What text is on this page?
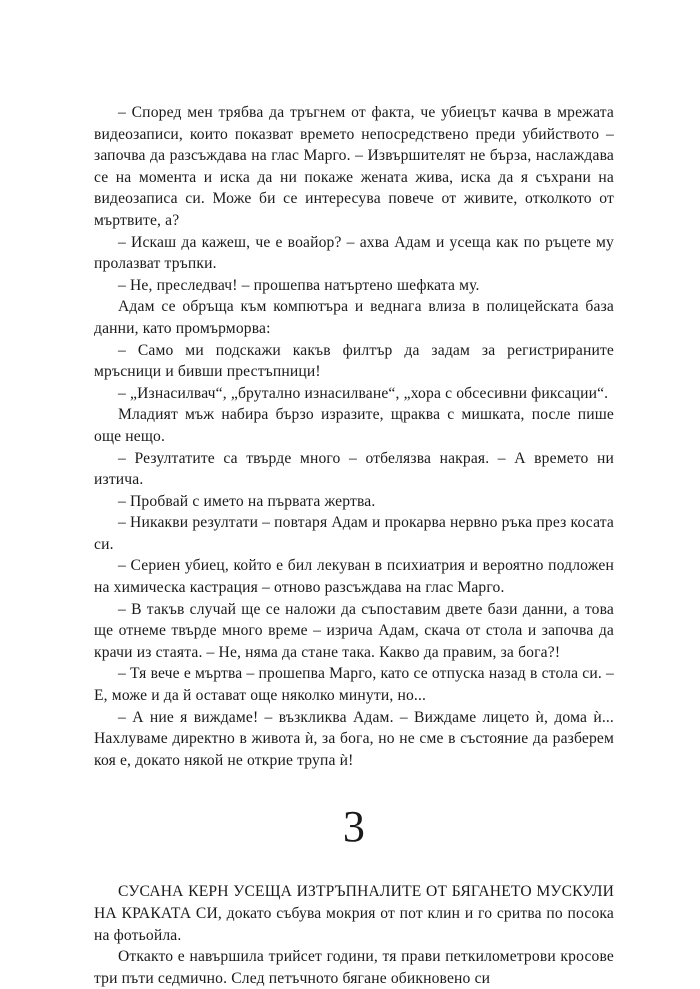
– Според мен трябва да тръгнем от факта, че убиецът качва в мрежата видеозаписи, които показват времето непосредствено преди убийството – започва да разсъждава на глас Марго. – Извършителят не бърза, наслаждава се на момента и иска да ни покаже жената жива, иска да я съхрани на видеозаписа си. Може би се интересува повече от живите, отколкото от мъртвите, а?

– Искаш да кажеш, че е воайор? – ахва Адам и усеща как по ръцете му пролазват тръпки.

– Не, преследвач! – прошепва натъртено шефката му.

Адам се обръща към компютъра и веднага влиза в полицейската база данни, като промърморва:

– Само ми подскажи какъв филтър да задам за регистрираните мръсници и бивши престъпници!

– „Изнасилвач“, „брутално изнасилване“, „хора с обсесивни фиксации“.

Младият мъж набира бързо изразите, щраква с мишката, после пише още нещо.

– Резултатите са твърде много – отбелязва накрая. – А времето ни изтича.

– Пробвай с името на първата жертва.

– Никакви резултати – повтаря Адам и прокарва нервно ръка през косата си.

– Сериен убиец, който е бил лекуван в психиатрия и вероятно подложен на химическа кастрация – отново разсъждава на глас Марго.

– В такъв случай ще се наложи да съпоставим двете бази данни, а това ще отнеме твърде много време – изрича Адам, скача от стола и започва да крачи из стаята. – Не, няма да стане така. Какво да правим, за бога?!

– Тя вече е мъртва – прошепва Марго, като се отпуска назад в стола си. – Е, може и да й остават още няколко минути, но...

– А ние я виждаме! – възкликва Адам. – Виждаме лицето ѝ, дома ѝ... Нахлуваме директно в живота ѝ, за бога, но не сме в състояние да разберем коя е, докато някой не открие трупа ѝ!

3

СУСАНА КЕРН УСЕЩА ИЗТРЪПНАЛИТЕ ОТ БЯГАНЕТО МУСКУЛИ НА КРАКАТА СИ, докато събува мокрия от пот клин и го сритва по посока на фотьойла.

Откакто е навършила трийсет години, тя прави петкилометрови кросове три пъти седмично. След петъчното бягане обикновено си
